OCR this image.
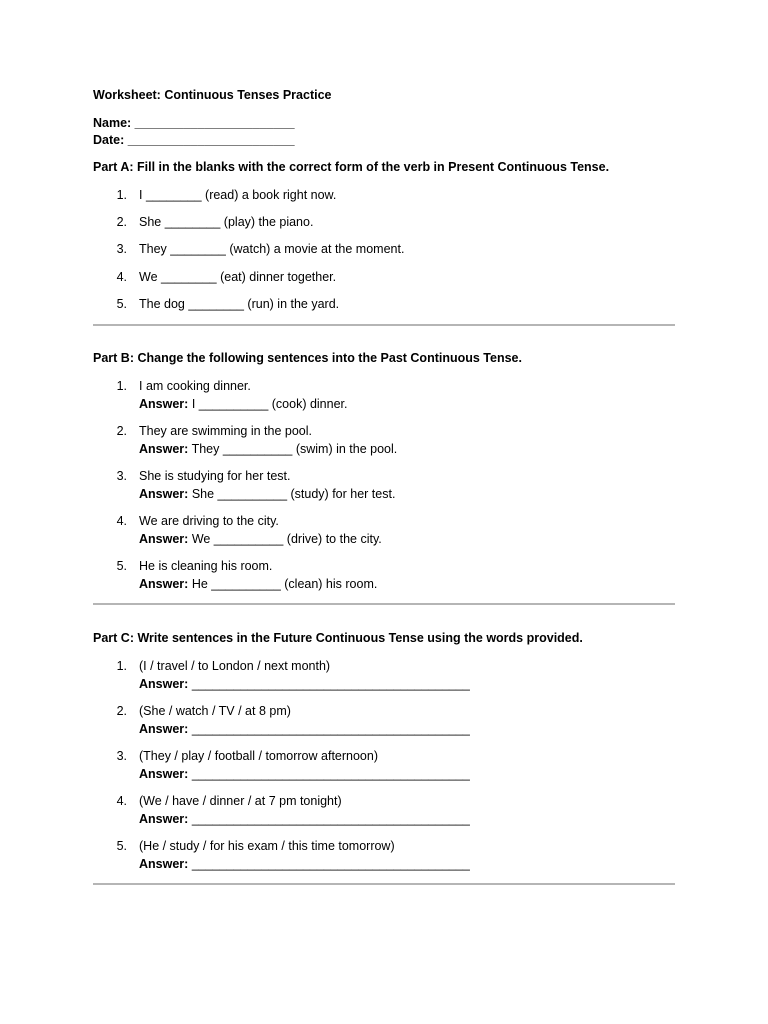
Worksheet: Continuous Tenses Practice
Name: _______________________
Date: ________________________
Part A: Fill in the blanks with the correct form of the verb in Present Continuous Tense.
1. I ________ (read) a book right now.
2. She ________ (play) the piano.
3. They ________ (watch) a movie at the moment.
4. We ________ (eat) dinner together.
5. The dog ________ (run) in the yard.
Part B: Change the following sentences into the Past Continuous Tense.
1. I am cooking dinner.
Answer: I __________ (cook) dinner.
2. They are swimming in the pool.
Answer: They __________ (swim) in the pool.
3. She is studying for her test.
Answer: She __________ (study) for her test.
4. We are driving to the city.
Answer: We __________ (drive) to the city.
5. He is cleaning his room.
Answer: He __________ (clean) his room.
Part C: Write sentences in the Future Continuous Tense using the words provided.
1. (I / travel / to London / next month)
Answer: ________________________________________
2. (She / watch / TV / at 8 pm)
Answer: ________________________________________
3. (They / play / football / tomorrow afternoon)
Answer: ________________________________________
4. (We / have / dinner / at 7 pm tonight)
Answer: ________________________________________
5. (He / study / for his exam / this time tomorrow)
Answer: ________________________________________
